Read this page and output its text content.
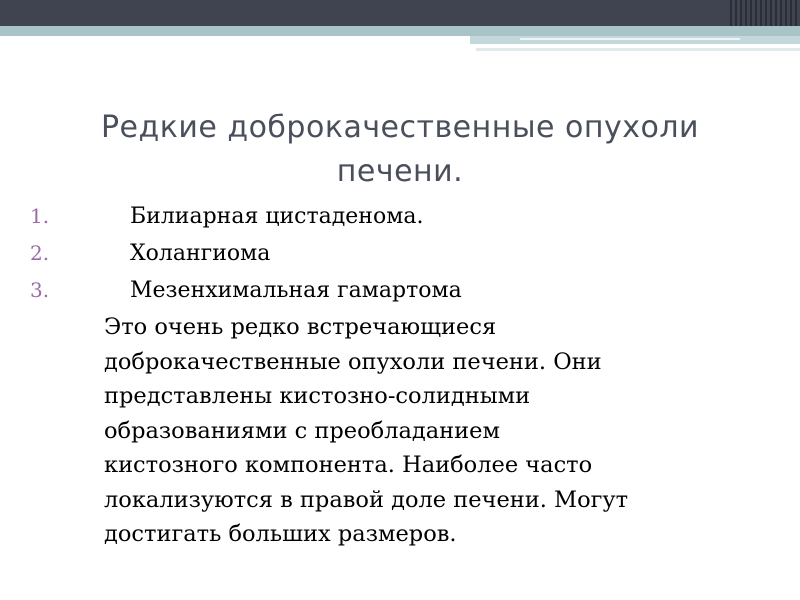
Редкие доброкачественные опухоли печени.
1.	Билиарная цистаденома.
2.	Холангиома
3.	Мезенхимальная гамартома

Это очень редко встречающиеся
доброкачественные опухоли печени. Они
представлены кистозно-солидными
образованиями с преобладанием
кистозного компонента. Наиболее часто
локализуются в правой доле печени. Могут
достигать больших размеров.
